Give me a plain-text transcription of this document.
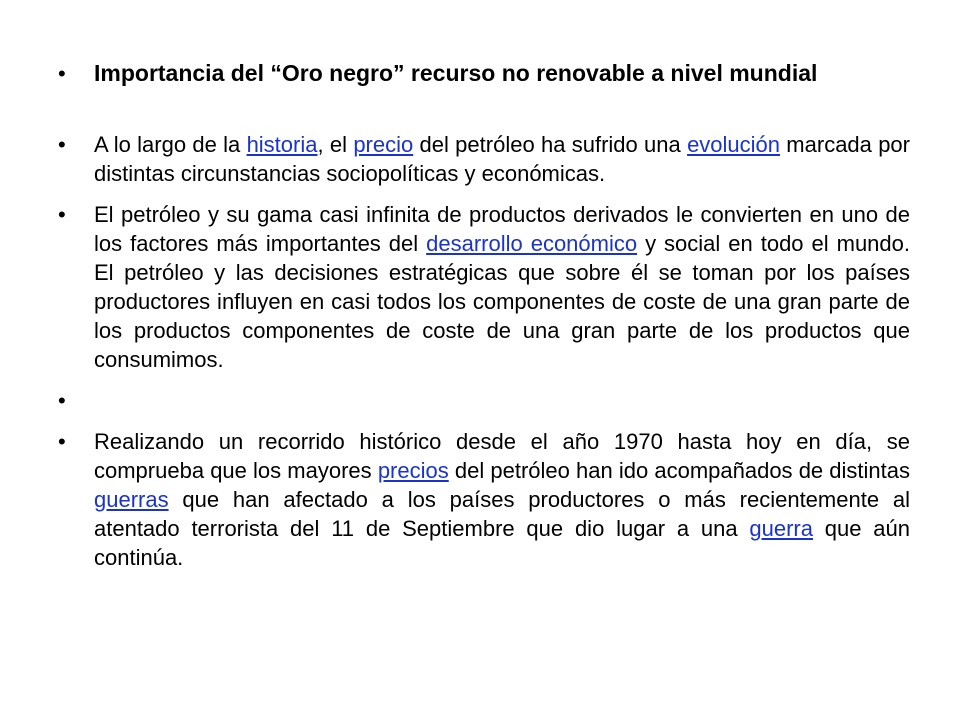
•	Importancia del “Oro negro” recurso no renovable a nivel mundial
•	A lo largo de la historia, el precio del petróleo ha sufrido una evolución marcada por distintas circunstancias sociopolíticas y económicas.
•	El petróleo y su gama casi infinita de productos derivados le convierten en uno de los factores más importantes del desarrollo económico y social en todo el mundo. El petróleo y las decisiones estratégicas que sobre él se toman por los países productores influyen en casi todos los componentes de coste de una gran parte de los productos componentes de coste de una gran parte de los productos que consumimos.
•
•	Realizando un recorrido histórico desde el año 1970 hasta hoy en día, se comprueba que los mayores precios del petróleo han ido acompañados de distintas guerras que han afectado a los países productores o más recientemente al atentado terrorista del 11 de Septiembre que dio lugar a una guerra que aún continúa.
